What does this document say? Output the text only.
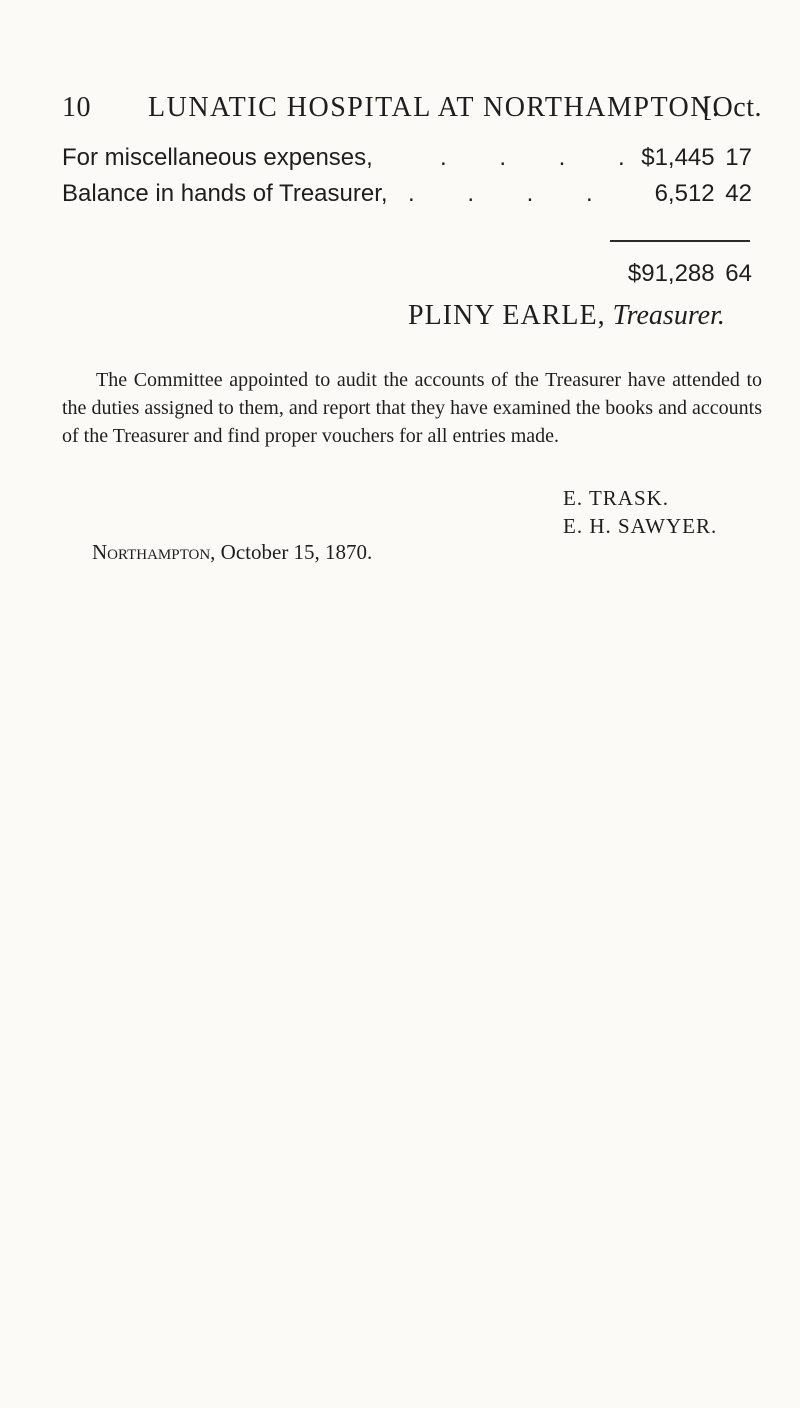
10 LUNATIC HOSPITAL AT NORTHAMPTON.
[Oct.
For miscellaneous expenses,	. . . .
$1,445 17
Balance in hands of Treasurer, . . . . 6,512 42
$91,288 64
PLINY EARLE, Treasurer.

The Committee appointed to audit the accounts of the Treasurer have attended to the duties assigned to them, and report that they have examined the books and accounts of the Treasurer and find proper vouchers for all entries made.

E. TRASK.
E. H. SAWYER.
Northampton, October 15, 1870.
